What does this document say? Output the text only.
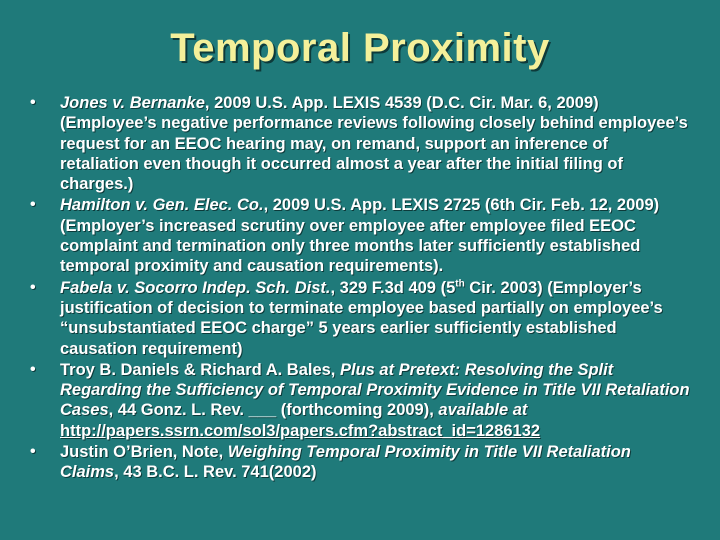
Temporal Proximity
• Jones v. Bernanke, 2009 U.S. App. LEXIS 4539 (D.C. Cir. Mar. 6, 2009) (Employee’s negative performance reviews following closely behind employee’s request for an EEOC hearing may, on remand, support an inference of retaliation even though it occurred almost a year after the initial filing of charges.)
• Hamilton v. Gen. Elec. Co., 2009 U.S. App. LEXIS 2725 (6th Cir. Feb. 12, 2009) (Employer’s increased scrutiny over employee after employee filed EEOC complaint and termination only three months later sufficiently established temporal proximity and causation requirements).
• Fabela v. Socorro Indep. Sch. Dist., 329 F.3d 409 (5th Cir. 2003) (Employer’s justification of decision to terminate employee based partially on employee’s “unsubstantiated EEOC charge” 5 years earlier sufficiently established causation requirement)
• Troy B. Daniels & Richard A. Bales, Plus at Pretext: Resolving the Split Regarding the Sufficiency of Temporal Proximity Evidence in Title VII Retaliation Cases, 44 Gonz. L. Rev. ___ (forthcoming 2009), available at http://papers.ssrn.com/sol3/papers.cfm?abstract_id=1286132
• Justin O’Brien, Note, Weighing Temporal Proximity in Title VII Retaliation Claims, 43 B.C. L. Rev. 741(2002)
